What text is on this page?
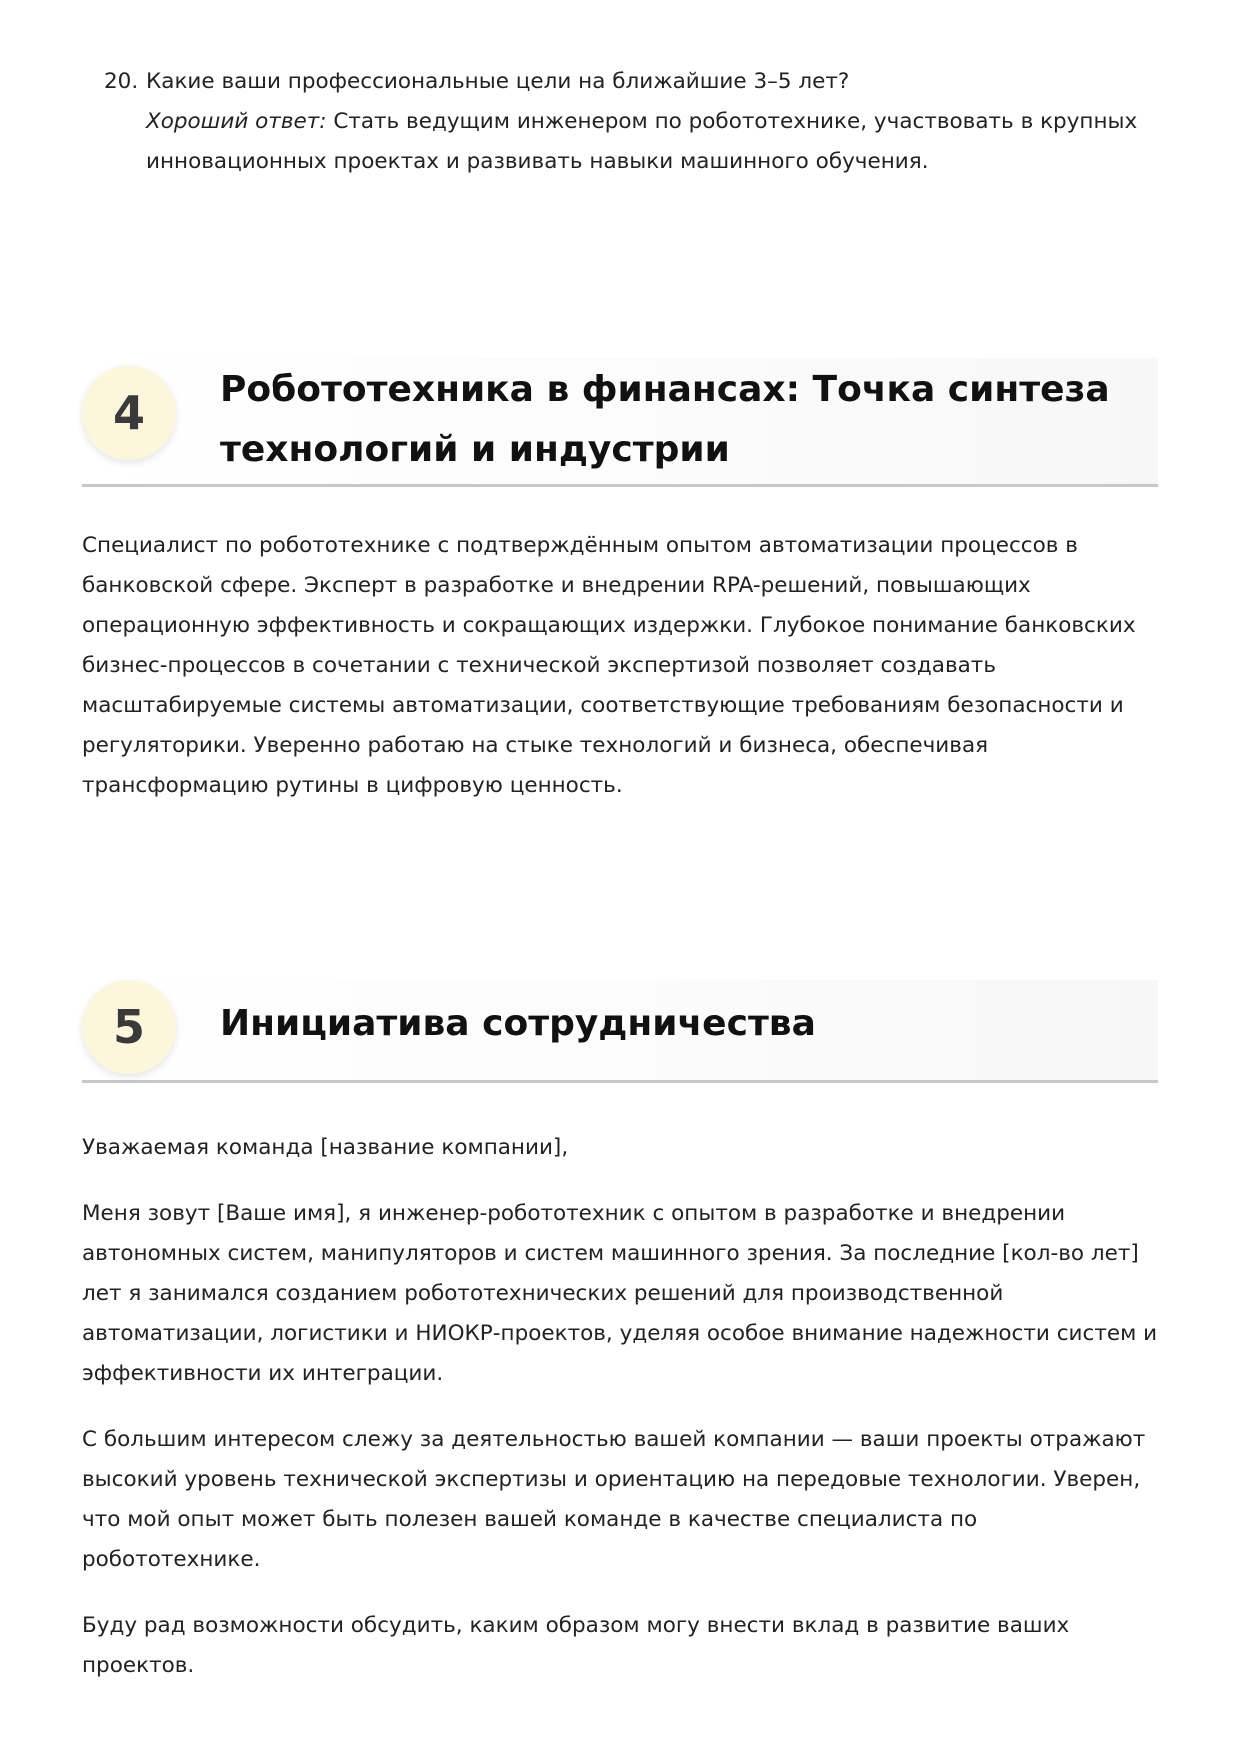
20. Какие ваши профессиональные цели на ближайшие 3–5 лет?
Хороший ответ: Стать ведущим инженером по робототехнике, участвовать в крупных инновационных проектах и развивать навыки машинного обучения.
4	Робототехника в финансах: Точка синтеза технологий и индустрии

Специалист по робототехнике с подтверждённым опытом автоматизации процессов в банковской сфере. Эксперт в разработке и внедрении RPA-решений, повышающих операционную эффективность и сокращающих издержки. Глубокое понимание банковских бизнес-процессов в сочетании с технической экспертизой позволяет создавать масштабируемые системы автоматизации, соответствующие требованиям безопасности и регуляторики. Уверенно работаю на стыке технологий и бизнеса, обеспечивая трансформацию рутины в цифровую ценность.

5	Инициатива сотрудничества

Уважаемая команда [название компании],

Меня зовут [Ваше имя], я инженер-робототехник с опытом в разработке и внедрении автономных систем, манипуляторов и систем машинного зрения. За последние [кол-во лет] лет я занимался созданием робототехнических решений для производственной автоматизации, логистики и НИОКР-проектов, уделяя особое внимание надежности систем и эффективности их интеграции.

С большим интересом слежу за деятельностью вашей компании — ваши проекты отражают высокий уровень технической экспертизы и ориентацию на передовые технологии. Уверен, что мой опыт может быть полезен вашей команде в качестве специалиста по робототехнике.

Буду рад возможности обсудить, каким образом могу внести вклад в развитие ваших проектов.
